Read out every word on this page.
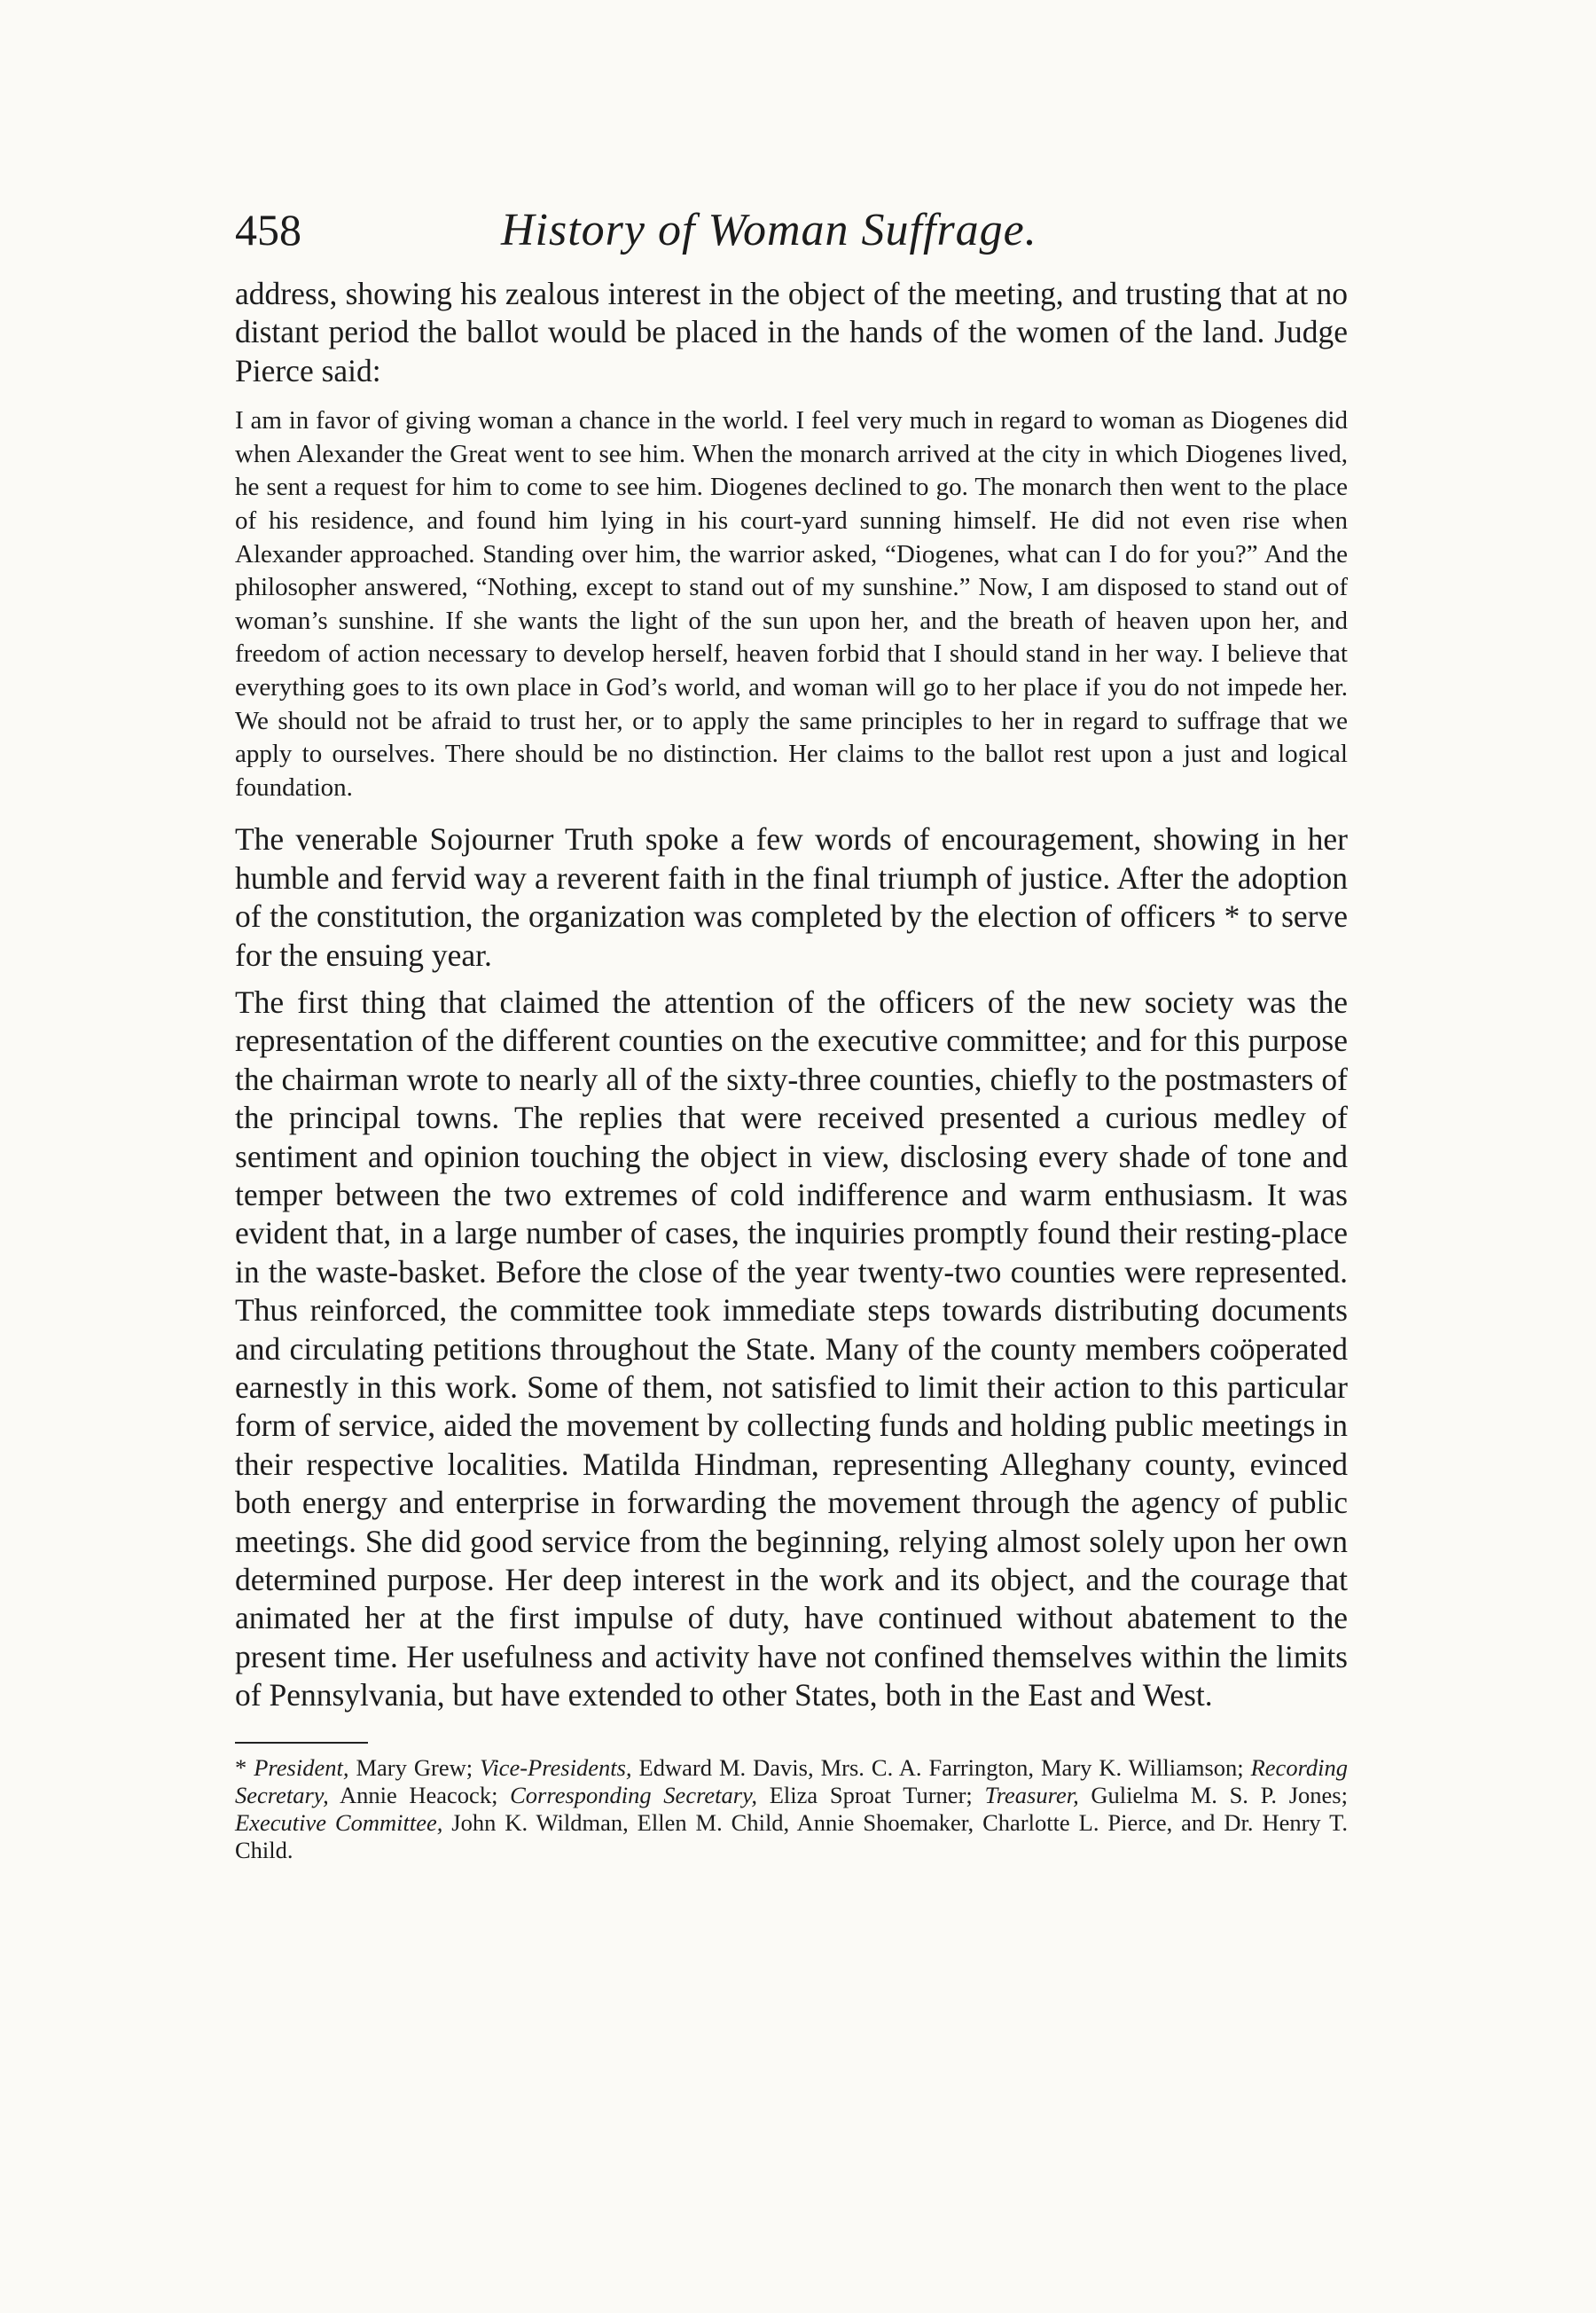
458	History of Woman Suffrage.

address, showing his zealous interest in the object of the meeting, and trusting that at no distant period the ballot would be placed in the hands of the women of the land. Judge Pierce said:

I am in favor of giving woman a chance in the world. I feel very much in regard to woman as Diogenes did when Alexander the Great went to see him. When the monarch arrived at the city in which Diogenes lived, he sent a request for him to come to see him. Diogenes declined to go. The monarch then went to the place of his residence, and found him lying in his court-yard sunning himself. He did not even rise when Alexander approached. Standing over him, the warrior asked, “Diogenes, what can I do for you?” And the philosopher answered, “Nothing, except to stand out of my sunshine.” Now, I am disposed to stand out of woman’s sunshine. If she wants the light of the sun upon her, and the breath of heaven upon her, and freedom of action necessary to develop herself, heaven forbid that I should stand in her way. I believe that everything goes to its own place in God’s world, and woman will go to her place if you do not impede her. We should not be afraid to trust her, or to apply the same principles to her in regard to suffrage that we apply to ourselves. There should be no distinction. Her claims to the ballot rest upon a just and logical foundation.

The venerable Sojourner Truth spoke a few words of encouragement, showing in her humble and fervid way a reverent faith in the final triumph of justice. After the adoption of the constitution, the organization was completed by the election of officers * to serve for the ensuing year.

The first thing that claimed the attention of the officers of the new society was the representation of the different counties on the executive committee; and for this purpose the chairman wrote to nearly all of the sixty-three counties, chiefly to the postmasters of the principal towns. The replies that were received presented a curious medley of sentiment and opinion touching the object in view, disclosing every shade of tone and temper between the two extremes of cold indifference and warm enthusiasm. It was evident that, in a large number of cases, the inquiries promptly found their resting-place in the waste-basket. Before the close of the year twenty-two counties were represented. Thus reinforced, the committee took immediate steps towards distributing documents and circulating petitions throughout the State. Many of the county members coöperated earnestly in this work. Some of them, not satisfied to limit their action to this particular form of service, aided the movement by collecting funds and holding public meetings in their respective localities. Matilda Hindman, representing Alleghany county, evinced both energy and enterprise in forwarding the movement through the agency of public meetings. She did good service from the beginning, relying almost solely upon her own determined purpose. Her deep interest in the work and its object, and the courage that animated her at the first impulse of duty, have continued without abatement to the present time. Her usefulness and activity have not confined themselves within the limits of Pennsylvania, but have extended to other States, both in the East and West.

* President, Mary Grew; Vice-Presidents, Edward M. Davis, Mrs. C. A. Farrington, Mary K. Williamson; Recording Secretary, Annie Heacock; Corresponding Secretary, Eliza Sproat Turner; Treasurer, Gulielma M. S. P. Jones; Executive Committee, John K. Wildman, Ellen M. Child, Annie Shoemaker, Charlotte L. Pierce, and Dr. Henry T. Child.
